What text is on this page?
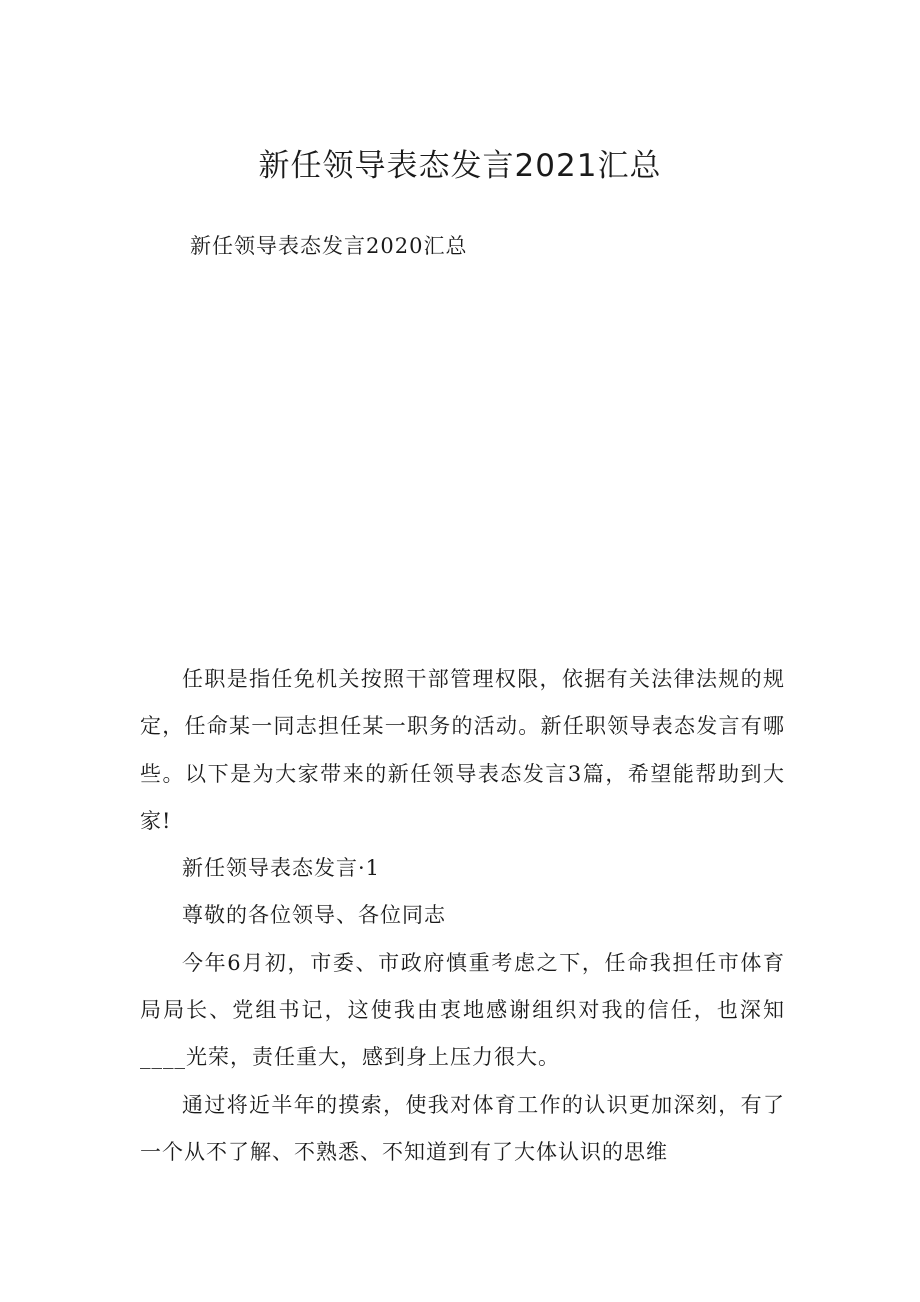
新任领导表态发言2021汇总
新任领导表态发言2020汇总

任职是指任免机关按照干部管理权限，依据有关法律法规的规定，任命某一同志担任某一职务的活动。新任职领导表态发言有哪些。以下是为大家带来的新任领导表态发言3篇，希望能帮助到大家!

新任领导表态发言·1

尊敬的各位领导、各位同志

今年6月初，市委、市政府慎重考虑之下，任命我担任市体育局局长、党组书记，这使我由衷地感谢组织对我的信任，也深知____光荣，责任重大，感到身上压力很大。

通过将近半年的摸索，使我对体育工作的认识更加深刻，有了一个从不了解、不熟悉、不知道到有了大体认识的思维
